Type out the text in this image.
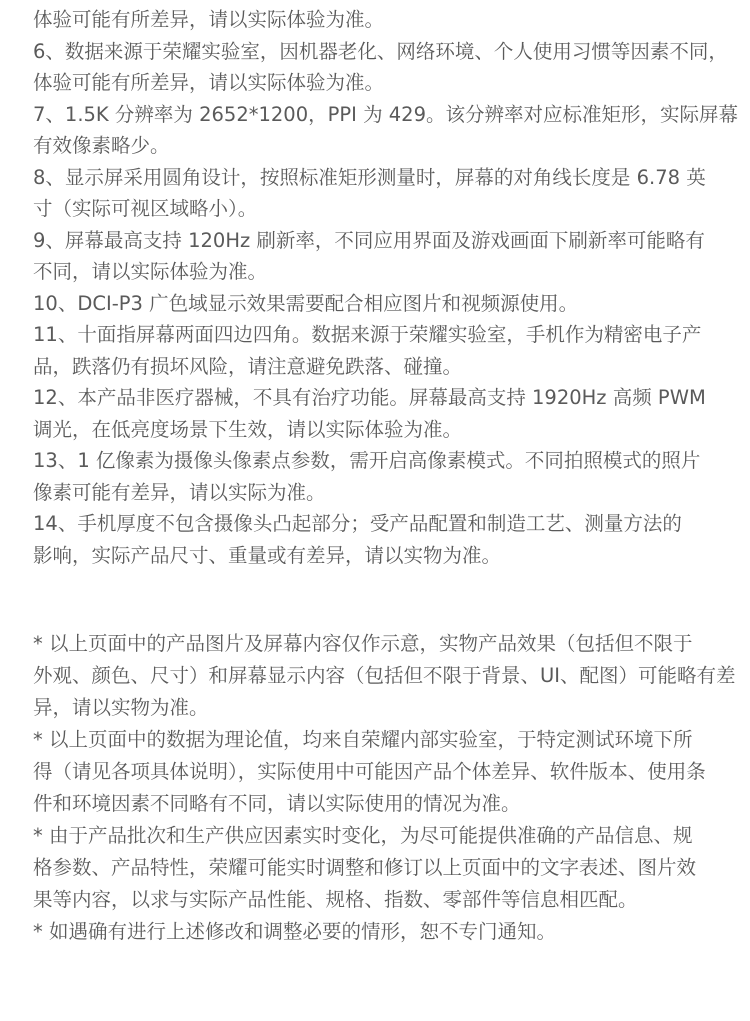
体验可能有所差异，请以实际体验为准。
6、数据来源于荣耀实验室，因机器老化、网络环境、个人使用习惯等因素不同，
体验可能有所差异，请以实际体验为准。
7、1.5K 分辨率为 2652*1200，PPI 为 429。该分辨率对应标准矩形，实际屏幕
有效像素略少。
8、显示屏采用圆角设计，按照标准矩形测量时，屏幕的对角线长度是 6.78 英
寸（实际可视区域略小）。
9、屏幕最高支持 120Hz 刷新率，不同应用界面及游戏画面下刷新率可能略有
不同，请以实际体验为准。
10、DCI-P3 广色域显示效果需要配合相应图片和视频源使用。
11、十面指屏幕两面四边四角。数据来源于荣耀实验室，手机作为精密电子产
品，跌落仍有损坏风险，请注意避免跌落、碰撞。
12、本产品非医疗器械，不具有治疗功能。屏幕最高支持 1920Hz 高频 PWM
调光，在低亮度场景下生效，请以实际体验为准。
13、1 亿像素为摄像头像素点参数，需开启高像素模式。不同拍照模式的照片
像素可能有差异，请以实际为准。
14、手机厚度不包含摄像头凸起部分；受产品配置和制造工艺、测量方法的
影响，实际产品尺寸、重量或有差异，请以实物为准。
* 以上页面中的产品图片及屏幕内容仅作示意，实物产品效果（包括但不限于
外观、颜色、尺寸）和屏幕显示内容（包括但不限于背景、UI、配图）可能略有差
异，请以实物为准。
* 以上页面中的数据为理论值，均来自荣耀内部实验室，于特定测试环境下所
得（请见各项具体说明），实际使用中可能因产品个体差异、软件版本、使用条
件和环境因素不同略有不同，请以实际使用的情况为准。
* 由于产品批次和生产供应因素实时变化，为尽可能提供准确的产品信息、规
格参数、产品特性，荣耀可能实时调整和修订以上页面中的文字表述、图片效
果等内容，以求与实际产品性能、规格、指数、零部件等信息相匹配。
* 如遇确有进行上述修改和调整必要的情形，恕不专门通知。
